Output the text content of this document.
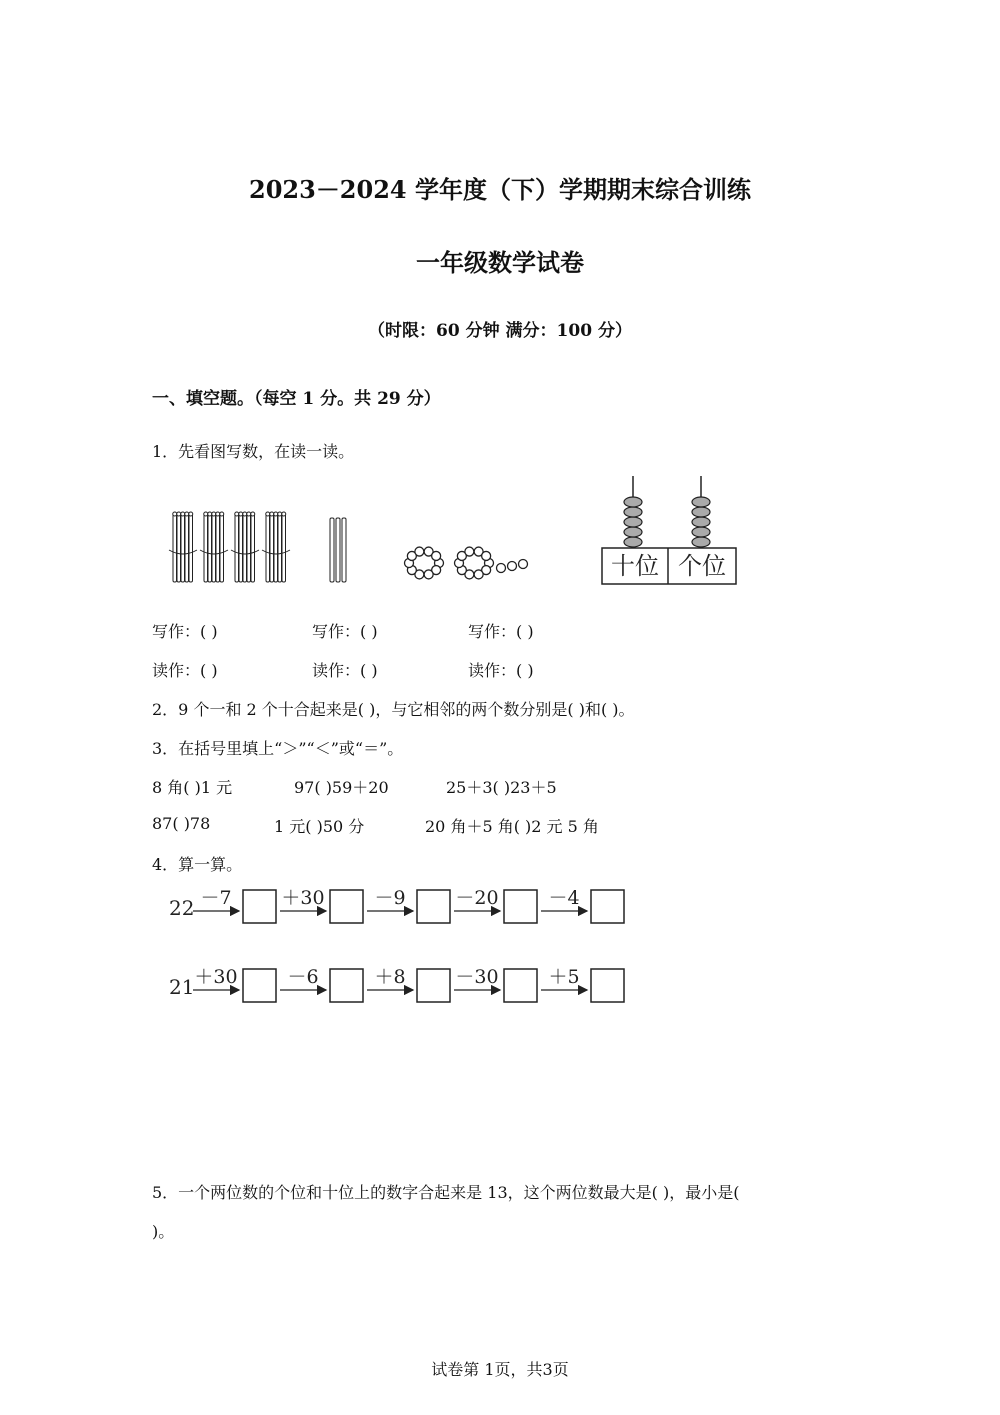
2023－2024 学年度（下）学期期末综合训练
一年级数学试卷
（时限：60 分钟 满分：100 分）
一、填空题。（每空 1 分。共 29 分）
1．先看图写数，在读一读。
十位 个位
写作：( )	写作：( )	写作：( )
读作：( )	读作：( )	读作：( )
2．9 个一和 2 个十合起来是( )，与它相邻的两个数分别是( )和( )。
3．在括号里填上“＞”“＜”或“＝”。
8 角( )1 元	97( )59＋20	25＋3( )23＋5
87( )78	1 元( )50 分	20 角＋5 角( )2 元 5 角
4．算一算。
22 －7	＋30	－9	－20	－4
21 ＋30	－6	＋8	－30	＋5
5．一个两位数的个位和十位上的数字合起来是 13，这个两位数最大是( )，最小是(
)。
试卷第 1页，共3页
